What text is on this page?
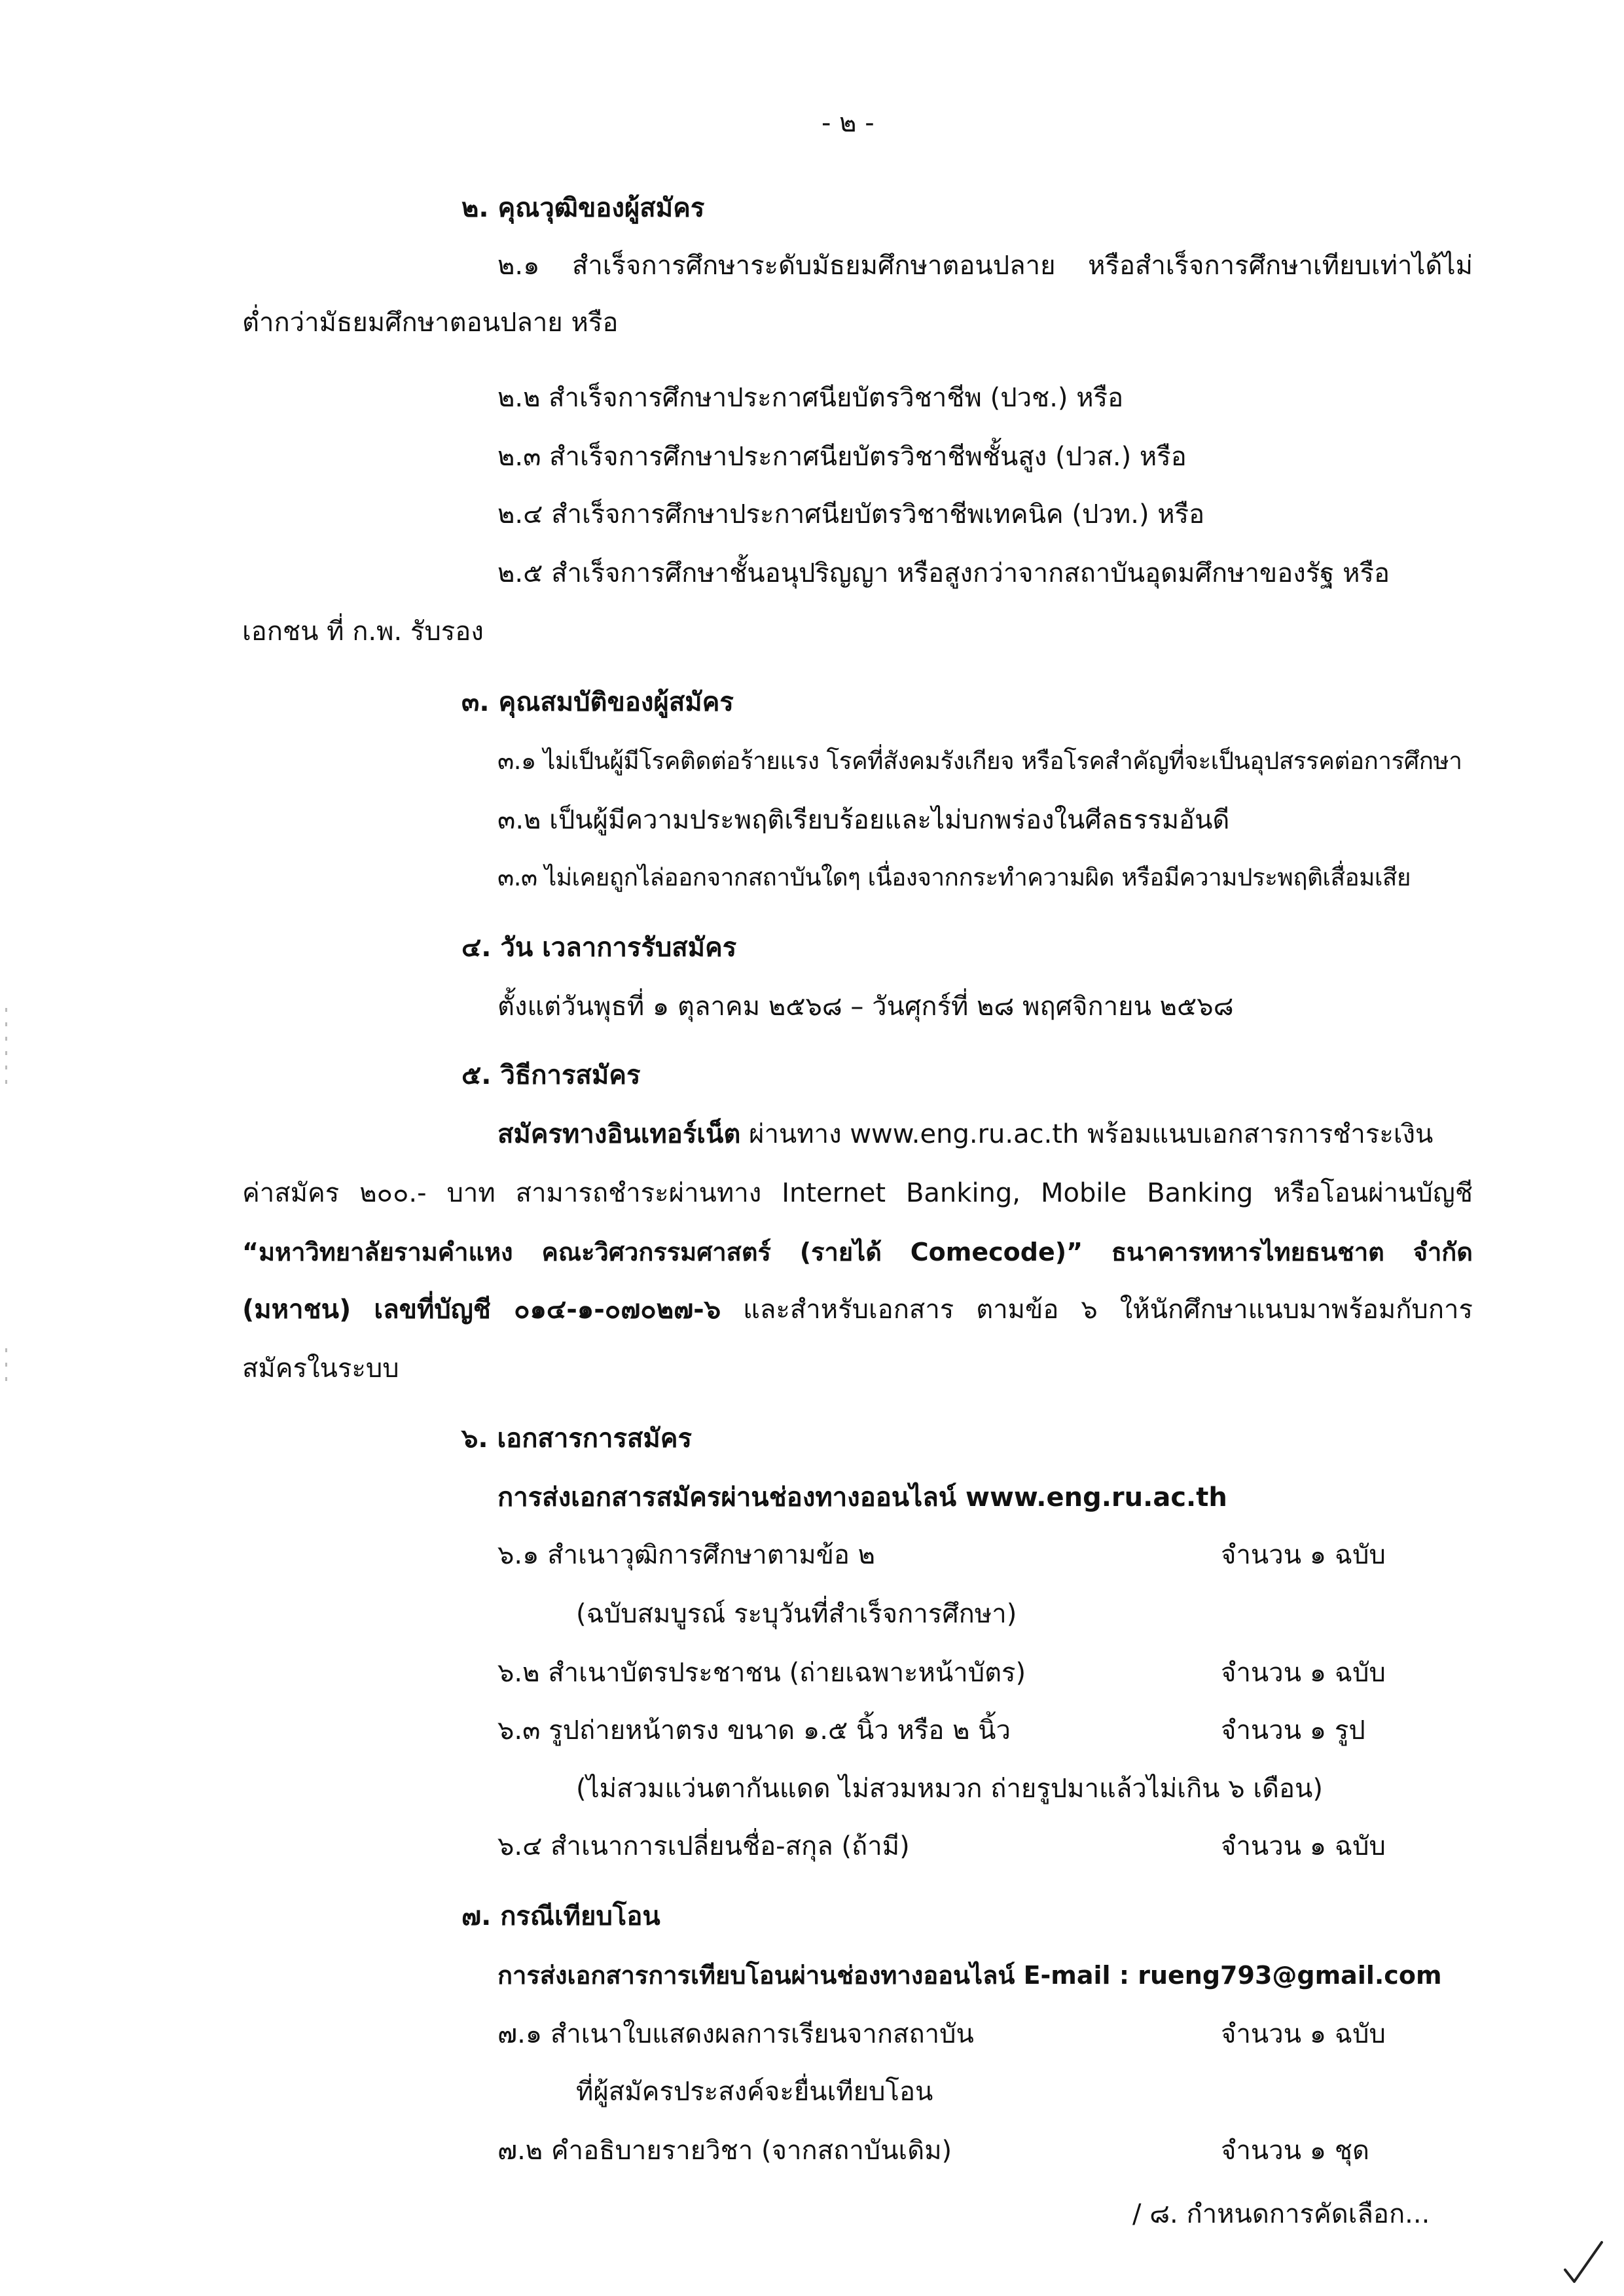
- ๒ -
๒. คุณวุฒิของผู้สมัคร
๒.๑ สำเร็จการศึกษาระดับมัธยมศึกษาตอนปลาย หรือสำเร็จการศึกษาเทียบเท่าได้ไม่
ต่ำกว่ามัธยมศึกษาตอนปลาย หรือ
๒.๒ สำเร็จการศึกษาประกาศนียบัตรวิชาชีพ (ปวช.) หรือ
๒.๓ สำเร็จการศึกษาประกาศนียบัตรวิชาชีพชั้นสูง (ปวส.) หรือ
๒.๔ สำเร็จการศึกษาประกาศนียบัตรวิชาชีพเทคนิค (ปวท.) หรือ
๒.๕ สำเร็จการศึกษาชั้นอนุปริญญา หรือสูงกว่าจากสถาบันอุดมศึกษาของรัฐ หรือ
เอกชน ที่ ก.พ. รับรอง
๓. คุณสมบัติของผู้สมัคร
๓.๑ ไม่เป็นผู้มีโรคติดต่อร้ายแรง โรคที่สังคมรังเกียจ หรือโรคสำคัญที่จะเป็นอุปสรรคต่อการศึกษา
๓.๒ เป็นผู้มีความประพฤติเรียบร้อยและไม่บกพร่องในศีลธรรมอันดี
๓.๓ ไม่เคยถูกไล่ออกจากสถาบันใดๆ เนื่องจากกระทำความผิด หรือมีความประพฤติเสื่อมเสีย
๔. วัน เวลาการรับสมัคร
ตั้งแต่วันพุธที่ ๑ ตุลาคม ๒๕๖๘ – วันศุกร์ที่ ๒๘ พฤศจิกายน ๒๕๖๘
๕. วิธีการสมัคร
สมัครทางอินเทอร์เน็ต ผ่านทาง www.eng.ru.ac.th พร้อมแนบเอกสารการชำระเงิน
ค่าสมัคร ๒๐๐.- บาท สามารถชำระผ่านทาง Internet Banking, Mobile Banking หรือโอนผ่านบัญชี
“มหาวิทยาลัยรามคำแหง คณะวิศวกรรมศาสตร์ (รายได้ Comecode)” ธนาคารทหารไทยธนชาต จำกัด
(มหาชน) เลขที่บัญชี ๐๑๔-๑-๐๗๐๒๗-๖ และสำหรับเอกสาร ตามข้อ ๖ ให้นักศึกษาแนบมาพร้อมกับการ
สมัครในระบบ
๖. เอกสารการสมัคร
การส่งเอกสารสมัครผ่านช่องทางออนไลน์ www.eng.ru.ac.th
๖.๑ สำเนาวุฒิการศึกษาตามข้อ ๒	จำนวน ๑ ฉบับ
(ฉบับสมบูรณ์ ระบุวันที่สำเร็จการศึกษา)
๖.๒ สำเนาบัตรประชาชน (ถ่ายเฉพาะหน้าบัตร)	จำนวน ๑ ฉบับ
๖.๓ รูปถ่ายหน้าตรง ขนาด ๑.๕ นิ้ว หรือ ๒ นิ้ว	จำนวน ๑ รูป
(ไม่สวมแว่นตากันแดด ไม่สวมหมวก ถ่ายรูปมาแล้วไม่เกิน ๖ เดือน)
๖.๔ สำเนาการเปลี่ยนชื่อ-สกุล (ถ้ามี)	จำนวน ๑ ฉบับ
๗. กรณีเทียบโอน
การส่งเอกสารการเทียบโอนผ่านช่องทางออนไลน์ E-mail : rueng793@gmail.com
๗.๑ สำเนาใบแสดงผลการเรียนจากสถาบัน	จำนวน ๑ ฉบับ
ที่ผู้สมัครประสงค์จะยื่นเทียบโอน
๗.๒ คำอธิบายรายวิชา (จากสถาบันเดิม)	จำนวน ๑ ชุด
/ ๘. กำหนดการคัดเลือก...
